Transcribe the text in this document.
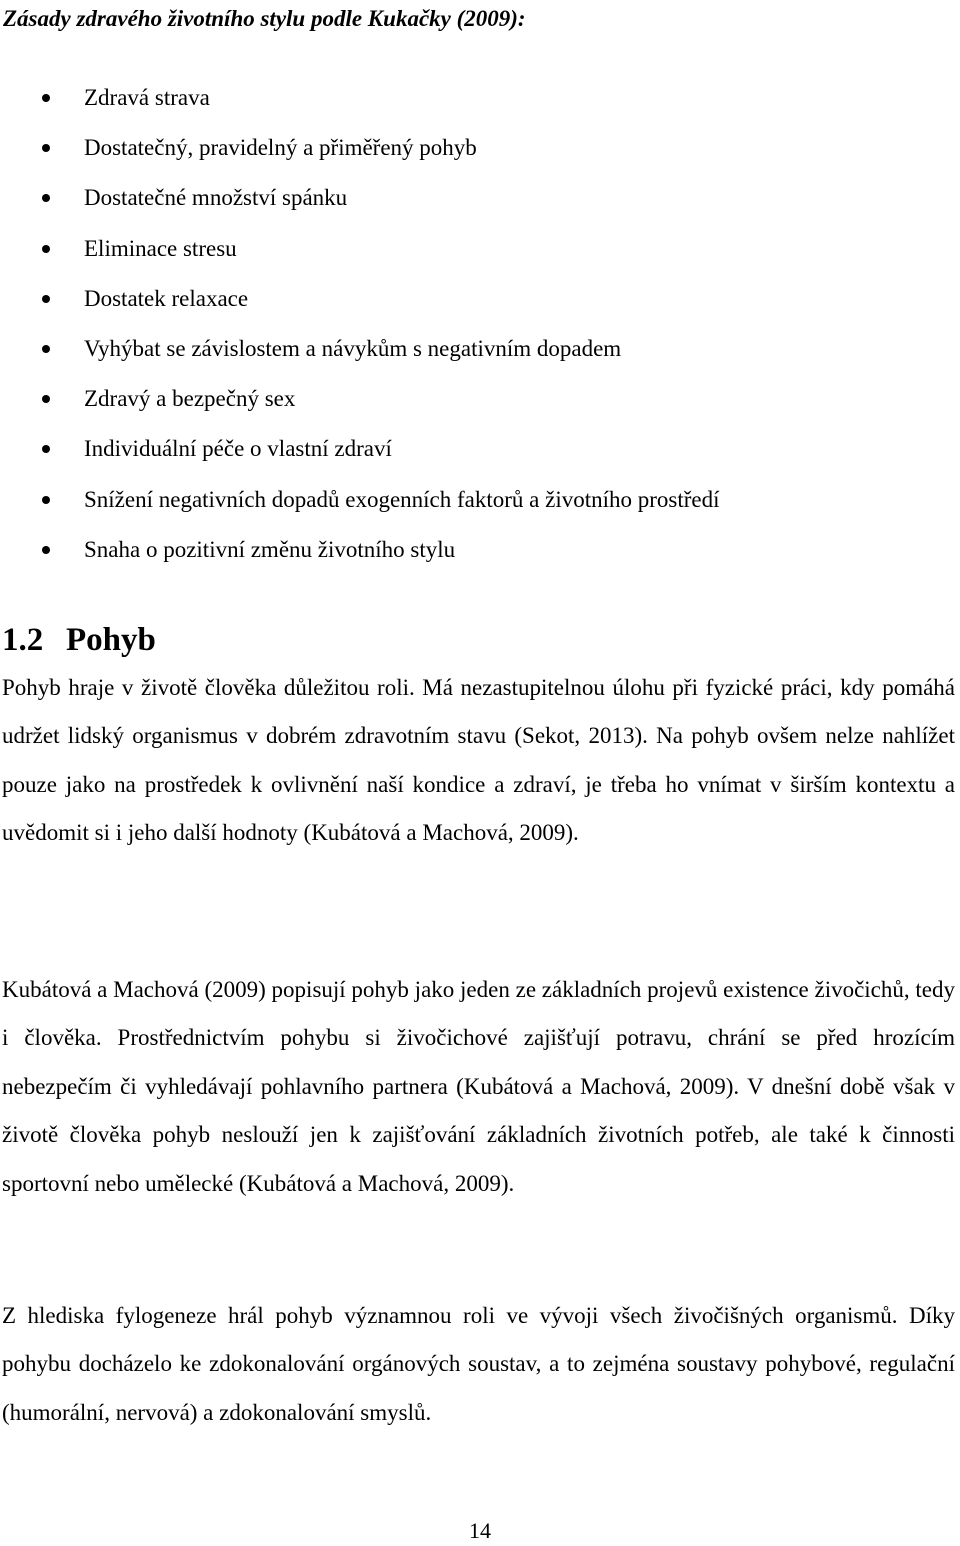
Zásady zdravého životního stylu podle Kukačky (2009):

Zdravá strava
Dostatečný, pravidelný a přiměřený pohyb
Dostatečné množství spánku
Eliminace stresu
Dostatek relaxace
Vyhýbat se závislostem a návykům s negativním dopadem
Zdravý a bezpečný sex
Individuální péče o vlastní zdraví
Snížení negativních dopadů exogenních faktorů a životního prostředí
Snaha o pozitivní změnu životního stylu
1.2 Pohyb

Pohyb hraje v životě člověka důležitou roli. Má nezastupitelnou úlohu při fyzické práci, kdy pomáhá udržet lidský organismus v dobrém zdravotním stavu (Sekot, 2013). Na pohyb ovšem nelze nahlížet pouze jako na prostředek k ovlivnění naší kondice a zdraví, je třeba ho vnímat v širším kontextu a uvědomit si i jeho další hodnoty (Kubátová a Machová, 2009).

Kubátová a Machová (2009) popisují pohyb jako jeden ze základních projevů existence živočichů, tedy i člověka. Prostřednictvím pohybu si živočichové zajišťují potravu, chrání se před hrozícím nebezpečím či vyhledávají pohlavního partnera (Kubátová a Machová, 2009). V dnešní době však v životě člověka pohyb neslouží jen k zajišťování základních životních potřeb, ale také k činnosti sportovní nebo umělecké (Kubátová a Machová, 2009).

Z hlediska fylogeneze hrál pohyb významnou roli ve vývoji všech živočišných organismů. Díky pohybu docházelo ke zdokonalování orgánových soustav, a to zejména soustavy pohybové, regulační (humorální, nervová) a zdokonalování smyslů.

14
